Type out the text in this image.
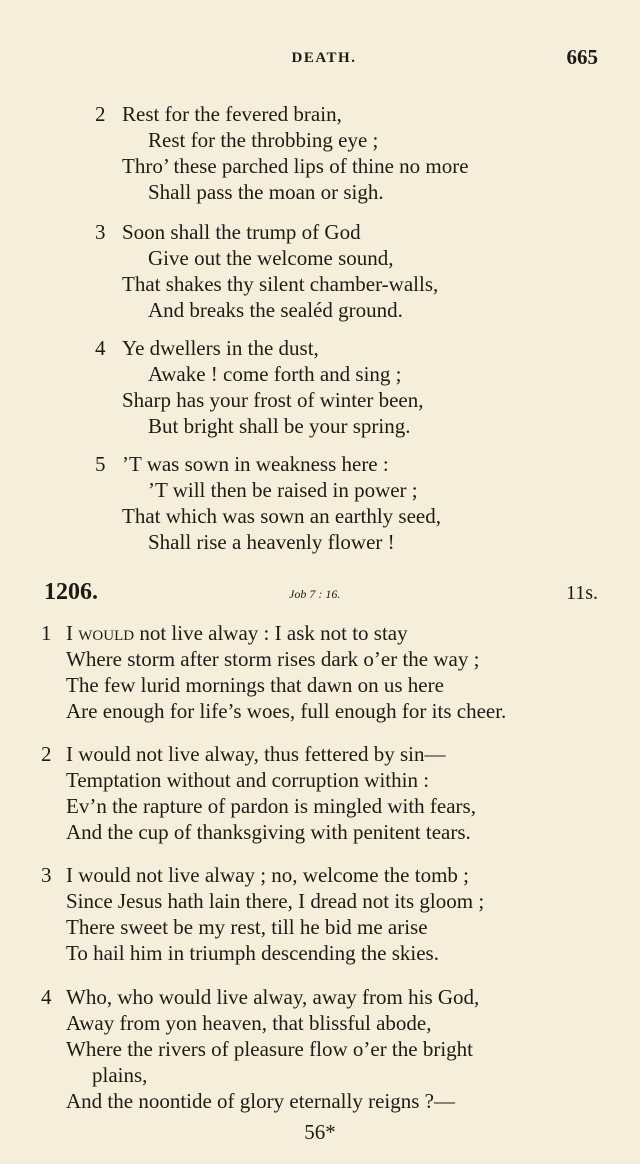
DEATH.	665
2 Rest for the fevered brain,
Rest for the throbbing eye ;
Thro’ these parched lips of thine no more
Shall pass the moan or sigh.
3 Soon shall the trump of God
Give out the welcome sound,
That shakes thy silent chamber-walls,
And breaks the sealéd ground.
4 Ye dwellers in the dust,
Awake ! come forth and sing ;
Sharp has your frost of winter been,
But bright shall be your spring.
5 ’T was sown in weakness here :
’T will then be raised in power ;
That which was sown an earthly seed,
Shall rise a heavenly flower !
1206.	Job 7 : 16.	11s.
1 I would not live alway : I ask not to stay
Where storm after storm rises dark o’er the way ;
The few lurid mornings that dawn on us here
Are enough for life’s woes, full enough for its cheer.
2 I would not live alway, thus fettered by sin—
Temptation without and corruption within :
Ev’n the rapture of pardon is mingled with fears,
And the cup of thanksgiving with penitent tears.
3 I would not live alway ; no, welcome the tomb ;
Since Jesus hath lain there, I dread not its gloom ;
There sweet be my rest, till he bid me arise
To hail him in triumph descending the skies.
4 Who, who would live alway, away from his God,
Away from yon heaven, that blissful abode,
Where the rivers of pleasure flow o’er the bright
plains,
And the noontide of glory eternally reigns ?—
56*
